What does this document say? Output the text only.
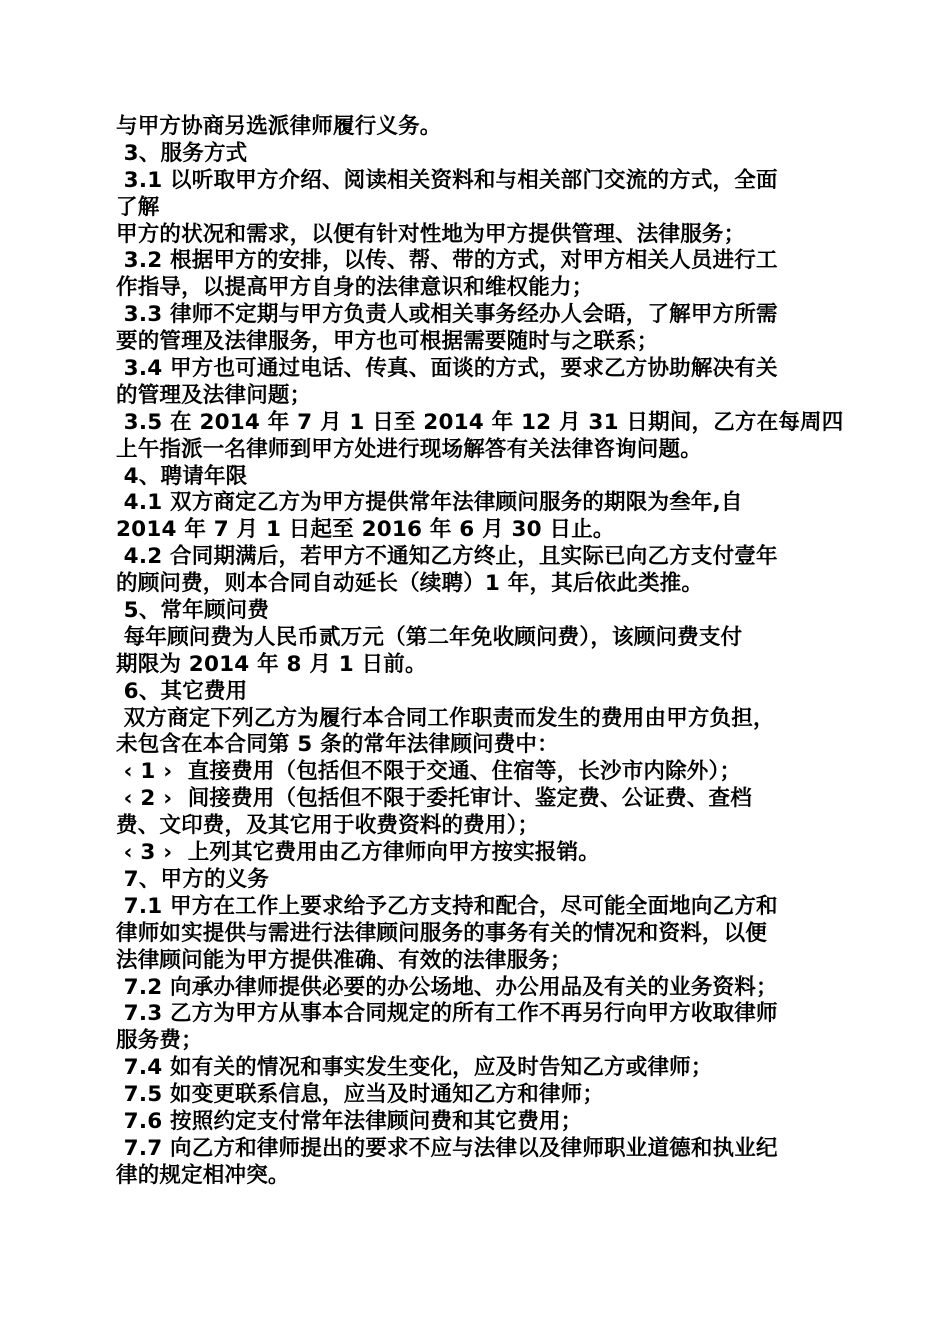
与甲方协商另选派律师履行义务。
3、服务方式
3.1 以听取甲方介绍、阅读相关资料和与相关部门交流的方式，全面
了解
甲方的状况和需求，以便有针对性地为甲方提供管理、法律服务；
3.2 根据甲方的安排，以传、帮、带的方式，对甲方相关人员进行工
作指导，以提高甲方自身的法律意识和维权能力；
3.3 律师不定期与甲方负责人或相关事务经办人会晤，了解甲方所需
要的管理及法律服务，甲方也可根据需要随时与之联系；
3.4 甲方也可通过电话、传真、面谈的方式，要求乙方协助解决有关
的管理及法律问题；
3.5 在 2014 年 7 月 1 日至 2014 年 12 月 31 日期间，乙方在每周四
上午指派一名律师到甲方处进行现场解答有关法律咨询问题。
4、聘请年限
4.1 双方商定乙方为甲方提供常年法律顾问服务的期限为叁年,自
2014 年 7 月 1 日起至 2016 年 6 月 30 日止。
4.2 合同期满后，若甲方不通知乙方终止，且实际已向乙方支付壹年
的顾问费，则本合同自动延长（续聘）1 年，其后依此类推。
5、常年顾问费
每年顾问费为人民币贰万元（第二年免收顾问费），该顾问费支付
期限为 2014 年 8 月 1 日前。
6、其它费用
双方商定下列乙方为履行本合同工作职责而发生的费用由甲方负担，
未包含在本合同第 5 条的常年法律顾问费中：
‹ 1 ›  直接费用（包括但不限于交通、住宿等，长沙市内除外）；
‹ 2 ›  间接费用（包括但不限于委托审计、鉴定费、公证费、查档
费、文印费，及其它用于收费资料的费用）；
‹ 3 ›  上列其它费用由乙方律师向甲方按实报销。
7、甲方的义务
7.1 甲方在工作上要求给予乙方支持和配合，尽可能全面地向乙方和
律师如实提供与需进行法律顾问服务的事务有关的情况和资料，以便
法律顾问能为甲方提供准确、有效的法律服务；
7.2 向承办律师提供必要的办公场地、办公用品及有关的业务资料；
7.3 乙方为甲方从事本合同规定的所有工作不再另行向甲方收取律师
服务费；
7.4 如有关的情况和事实发生变化，应及时告知乙方或律师；
7.5 如变更联系信息，应当及时通知乙方和律师；
7.6 按照约定支付常年法律顾问费和其它费用；
7.7 向乙方和律师提出的要求不应与法律以及律师职业道德和执业纪
律的规定相冲突。
